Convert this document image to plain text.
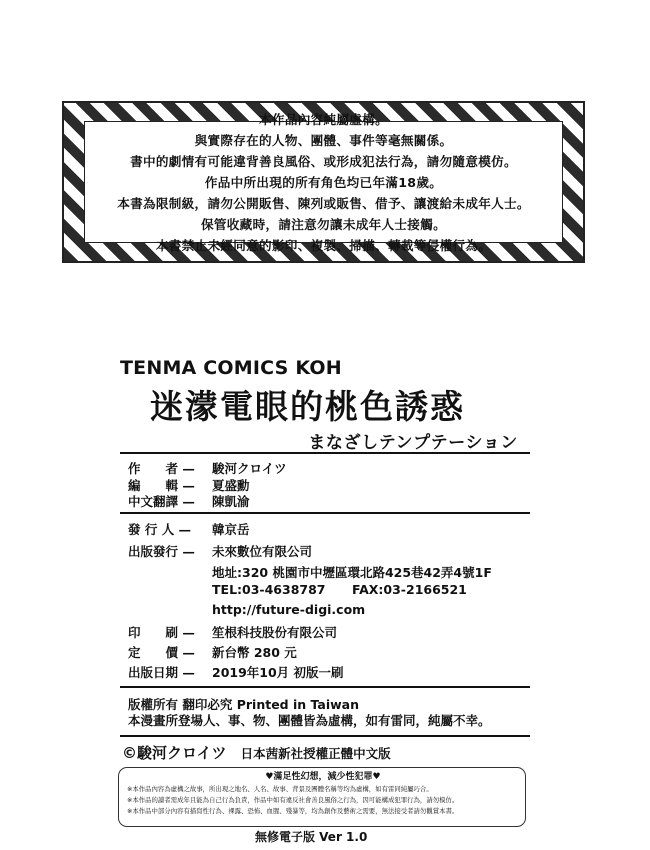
本作品內容純屬虛構。
與實際存在的人物、團體、事件等毫無關係。
書中的劇情有可能違背善良風俗、或形成犯法行為，請勿隨意模仿。
作品中所出現的所有角色均已年滿18歲。
本書為限制級，請勿公開販售、陳列或販售、借予、讓渡給未成年人士。
保管收藏時，請注意勿讓未成年人士接觸。
本書禁止未經同意的影印、複製、掃描、轉載等侵權行為。
TENMA COMICS KOH
迷濛電眼的桃色誘惑
まなざしテンプテーション
作　　者 — 駿河クロイツ
編　　輯 — 夏盛勳
中文翻譯 — 陳凱渝
發 行 人 — 韓京岳
出版發行 — 未來數位有限公司
地址:320 桃園市中壢區環北路425巷42弄4號1F
TEL:03-4638787 FAX:03-2166521
http://future-digi.com
印　　刷 — 笙根科技股份有限公司
定　　價 — 新台幣 280 元
出版日期 — 2019年10月 初版一刷
版權所有 翻印必究 Printed in Taiwan
本漫畫所登場人、事、物、團體皆為虛構，如有雷同，純屬不幸。
©駿河クロイツ 日本茜新社授權正體中文版
♥滿足性幻想，減少性犯罪♥
※本作品內容為虛構之故事，所出現之地名、人名、故事、背景及團體名稱等均為虛構，如有雷同純屬巧合。
※本作品的讀者需成年且能為自己行為負責，作品中如有違反社會善良風俗之行為，因可能構成犯罪行為，請勿模仿。
※本作品中部分內容有描寫性行為、裸露、恐怖、血腥、殘暴等，均為創作及藝術之需要，無法接受者請勿觀賞本書。
無修電子版 Ver 1.0
